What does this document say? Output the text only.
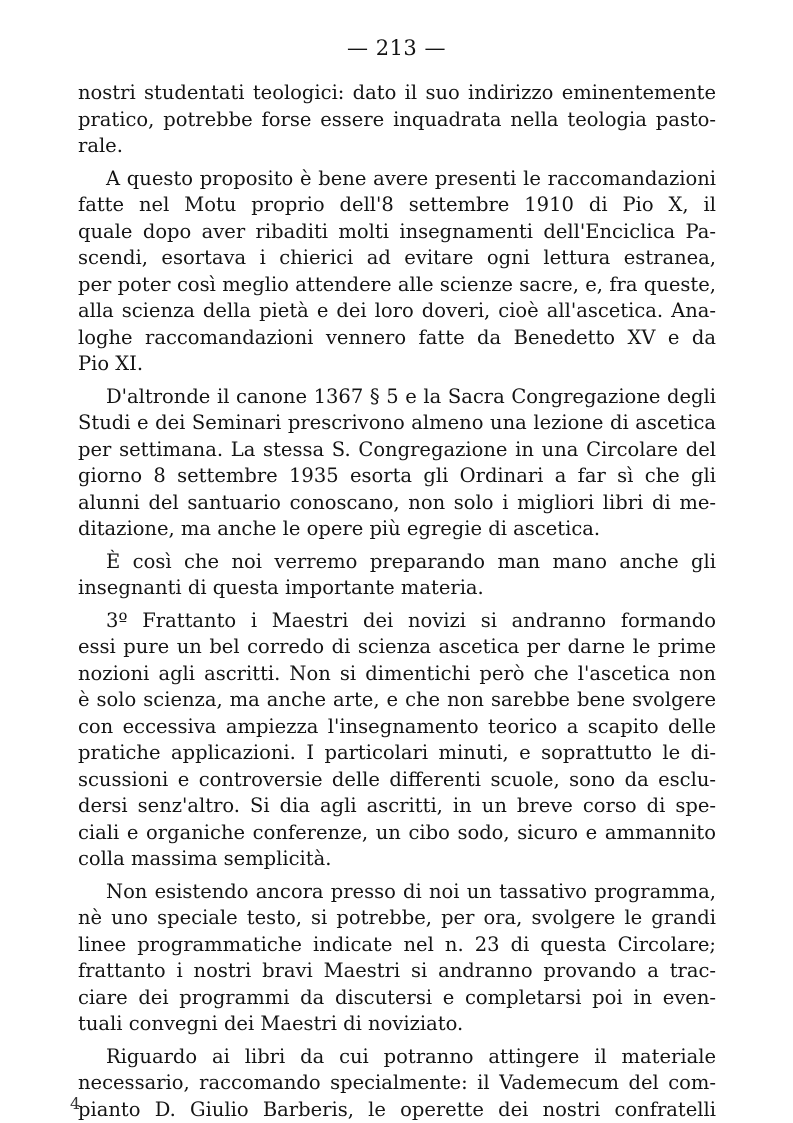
— 213 —
nostri studentati teologici: dato il suo indirizzo eminentemente
pratico, potrebbe forse essere inquadrata nella teologia pasto-
rale.
A questo proposito è bene avere presenti le raccomandazioni
fatte nel Motu proprio dell'8 settembre 1910 di Pio X, il
quale dopo aver ribaditi molti insegnamenti dell'Enciclica Pa-
scendi, esortava i chierici ad evitare ogni lettura estranea,
per poter così meglio attendere alle scienze sacre, e, fra queste,
alla scienza della pietà e dei loro doveri, cioè all'ascetica. Ana-
loghe raccomandazioni vennero fatte da Benedetto XV e da
Pio XI.
D'altronde il canone 1367 § 5 e la Sacra Congregazione degli
Studi e dei Seminari prescrivono almeno una lezione di ascetica
per settimana. La stessa S. Congregazione in una Circolare del
giorno 8 settembre 1935 esorta gli Ordinari a far sì che gli
alunni del santuario conoscano, non solo i migliori libri di me-
ditazione, ma anche le opere più egregie di ascetica.
È così che noi verremo preparando man mano anche gli
insegnanti di questa importante materia.
3º Frattanto i Maestri dei novizi si andranno formando
essi pure un bel corredo di scienza ascetica per darne le prime
nozioni agli ascritti. Non si dimentichi però che l'ascetica non
è solo scienza, ma anche arte, e che non sarebbe bene svolgere
con eccessiva ampiezza l'insegnamento teorico a scapito delle
pratiche applicazioni. I particolari minuti, e soprattutto le di-
scussioni e controversie delle differenti scuole, sono da esclu-
dersi senz'altro. Si dia agli ascritti, in un breve corso di spe-
ciali e organiche conferenze, un cibo sodo, sicuro e ammannito
colla massima semplicità.
Non esistendo ancora presso di noi un tassativo programma,
nè uno speciale testo, si potrebbe, per ora, svolgere le grandi
linee programmatiche indicate nel n. 23 di questa Circolare;
frattanto i nostri bravi Maestri si andranno provando a trac-
ciare dei programmi da discutersi e completarsi poi in even-
tuali convegni dei Maestri di noviziato.
Riguardo ai libri da cui potranno attingere il materiale
necessario, raccomando specialmente: il Vademecum del com-
pianto D. Giulio Barberis, le operette dei nostri confratelli
4
